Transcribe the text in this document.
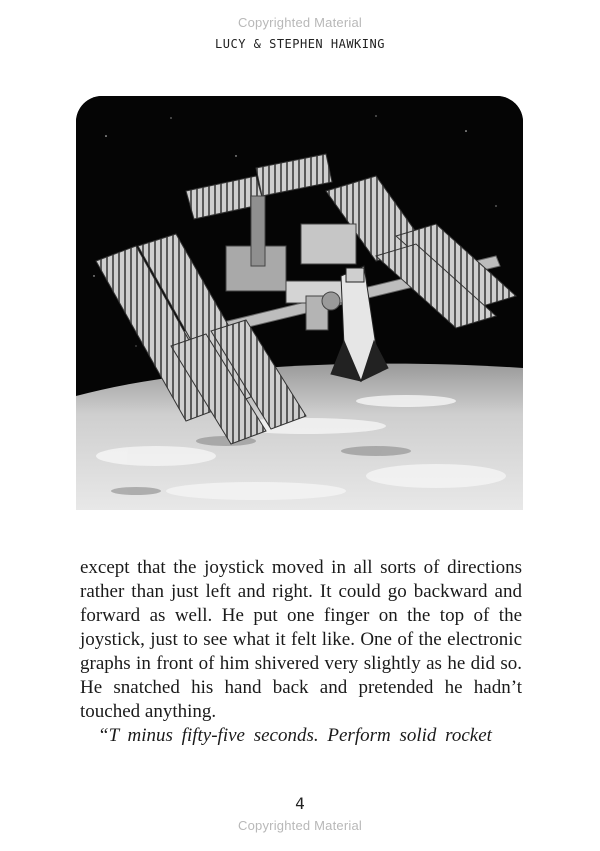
Copyrighted Material
LUCY & STEPHEN HAWKING

except that the joystick moved in all sorts of directions rather than just left and right. It could go backward and forward as well. He put one finger on the top of the joystick, just to see what it felt like. One of the electronic graphs in front of him shivered very slightly as he did so. He snatched his hand back and pretended he hadn’t touched anything.

“T minus fifty-five seconds. Perform solid rocket

4
Copyrighted Material
